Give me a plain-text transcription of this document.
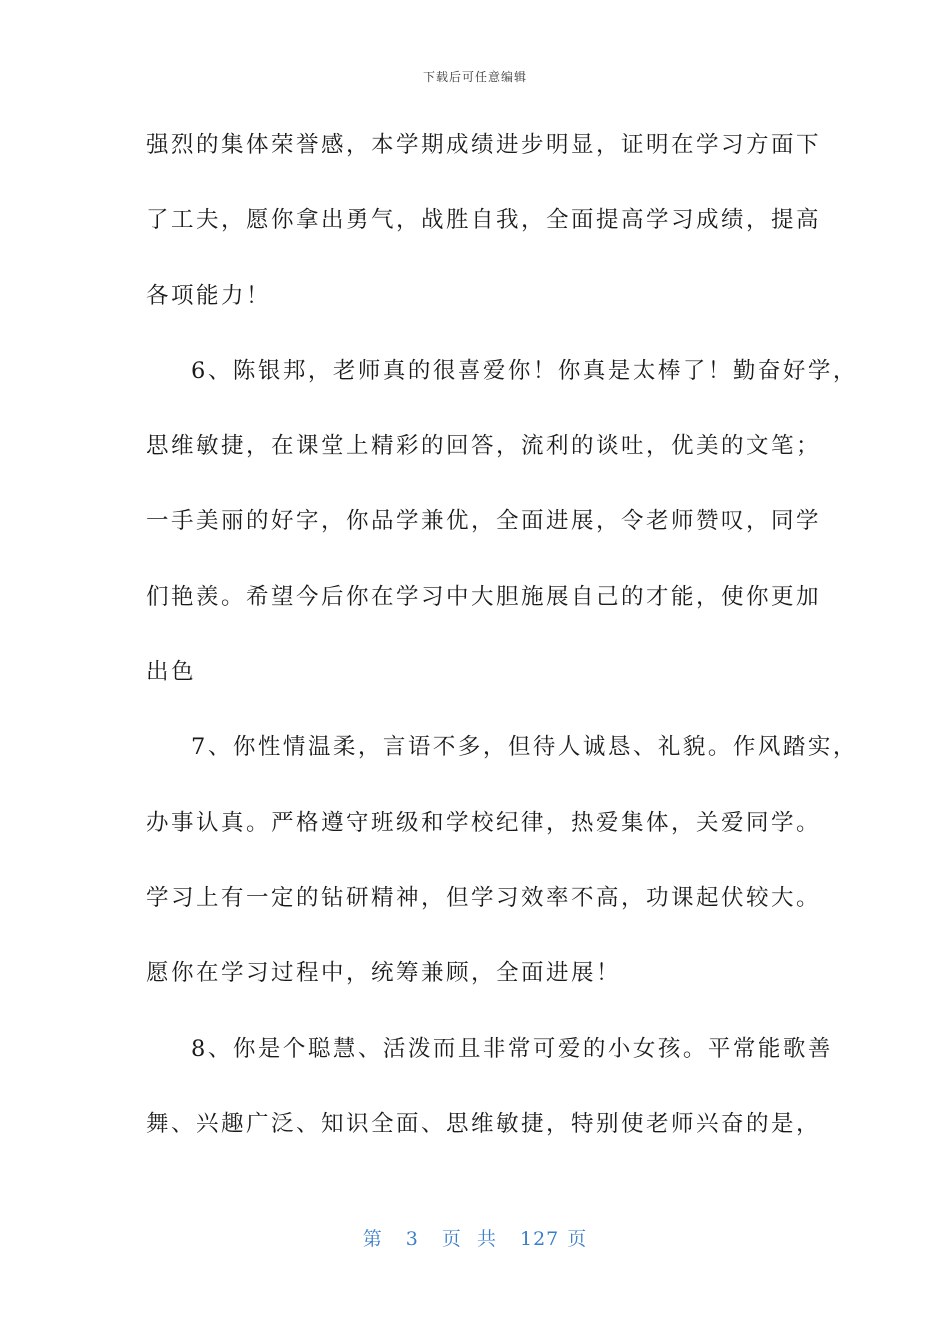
下载后可任意编辑
强烈的集体荣誉感，本学期成绩进步明显，证明在学习方面下
了工夫，愿你拿出勇气，战胜自我，全面提高学习成绩，提高
各项能力！
6、陈银邦，老师真的很喜爱你！你真是太棒了！勤奋好学，
思维敏捷，在课堂上精彩的回答，流利的谈吐，优美的文笔；
一手美丽的好字，你品学兼优，全面进展，令老师赞叹，同学
们艳羡。希望今后你在学习中大胆施展自己的才能，使你更加
出色
7、你性情温柔，言语不多，但待人诚恳、礼貌。作风踏实，
办事认真。严格遵守班级和学校纪律，热爱集体，关爱同学。
学习上有一定的钻研精神，但学习效率不高，功课起伏较大。
愿你在学习过程中，统筹兼顾，全面进展！
8、你是个聪慧、活泼而且非常可爱的小女孩。平常能歌善
舞、兴趣广泛、知识全面、思维敏捷，特别使老师兴奋的是，
第 3 页 共 127 页
